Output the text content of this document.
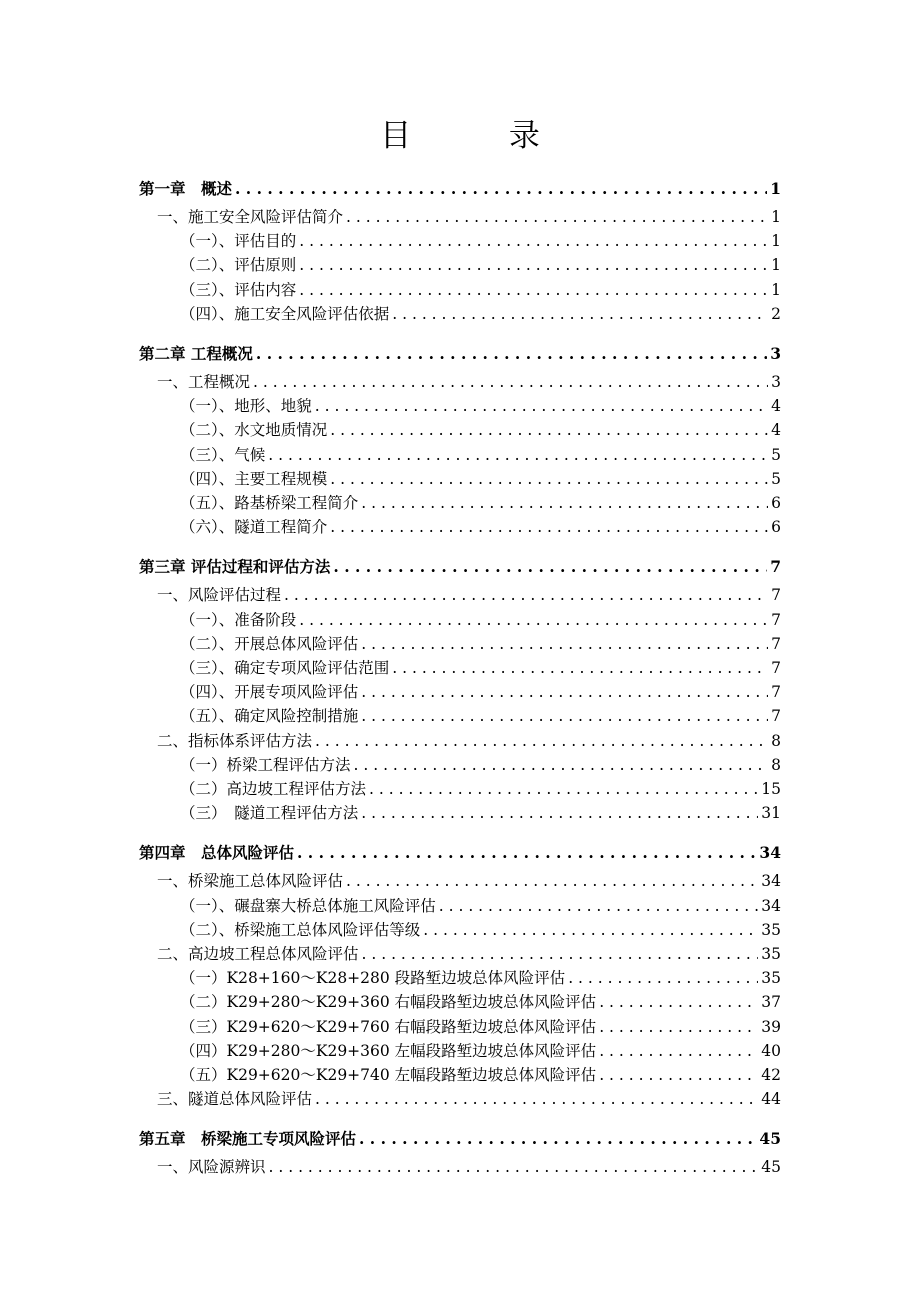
目 录
第一章　概述 . . .	1
一、施工安全风险评估简介 . . .	1
（一）、评估目的 . . .	1
（二）、评估原则 . . .	1
（三）、评估内容 . . .	1
（四）、施工安全风险评估依据 . . .	2
第二章 工程概况 . . .	3
一、工程概况 . . .	3
（一）、地形、地貌 . . .	4
（二）、水文地质情况 . . .	4
（三）、气候 . . .	5
（四）、主要工程规模 . . .	5
（五）、路基桥梁工程简介 . . .	6
（六）、隧道工程简介 . . .	6
第三章 评估过程和评估方法 . . .	7
一、风险评估过程 . . .	7
（一）、准备阶段 . . .	7
（二）、开展总体风险评估 . . .	7
（三）、确定专项风险评估范围 . . .	7
（四）、开展专项风险评估 . . .	7
（五）、确定风险控制措施 . . .	7
二、指标体系评估方法 . . .	8
（一）桥梁工程评估方法 . . .	8
（二）高边坡工程评估方法 . . .	15
（三）　隧道工程评估方法 . . .	31
第四章　总体风险评估 . . .	34
一、桥梁施工总体风险评估 . . .	34
（一）、碾盘寨大桥总体施工风险评估 . . .	34
（二）、桥梁施工总体风险评估等级 . . .	35
二、高边坡工程总体风险评估 . . .	35
（一）K28+160～K28+280 段路堑边坡总体风险评估 . . .	35
（二）K29+280～K29+360 右幅段路堑边坡总体风险评估 . . .	37
（三）K29+620～K29+760 右幅段路堑边坡总体风险评估 . . .	39
（四）K29+280～K29+360 左幅段路堑边坡总体风险评估 . . .	40
（五）K29+620～K29+740 左幅段路堑边坡总体风险评估 . . .	42
三、隧道总体风险评估 . . .	44
第五章　桥梁施工专项风险评估 . . .	45
一、风险源辨识 . . .	45
